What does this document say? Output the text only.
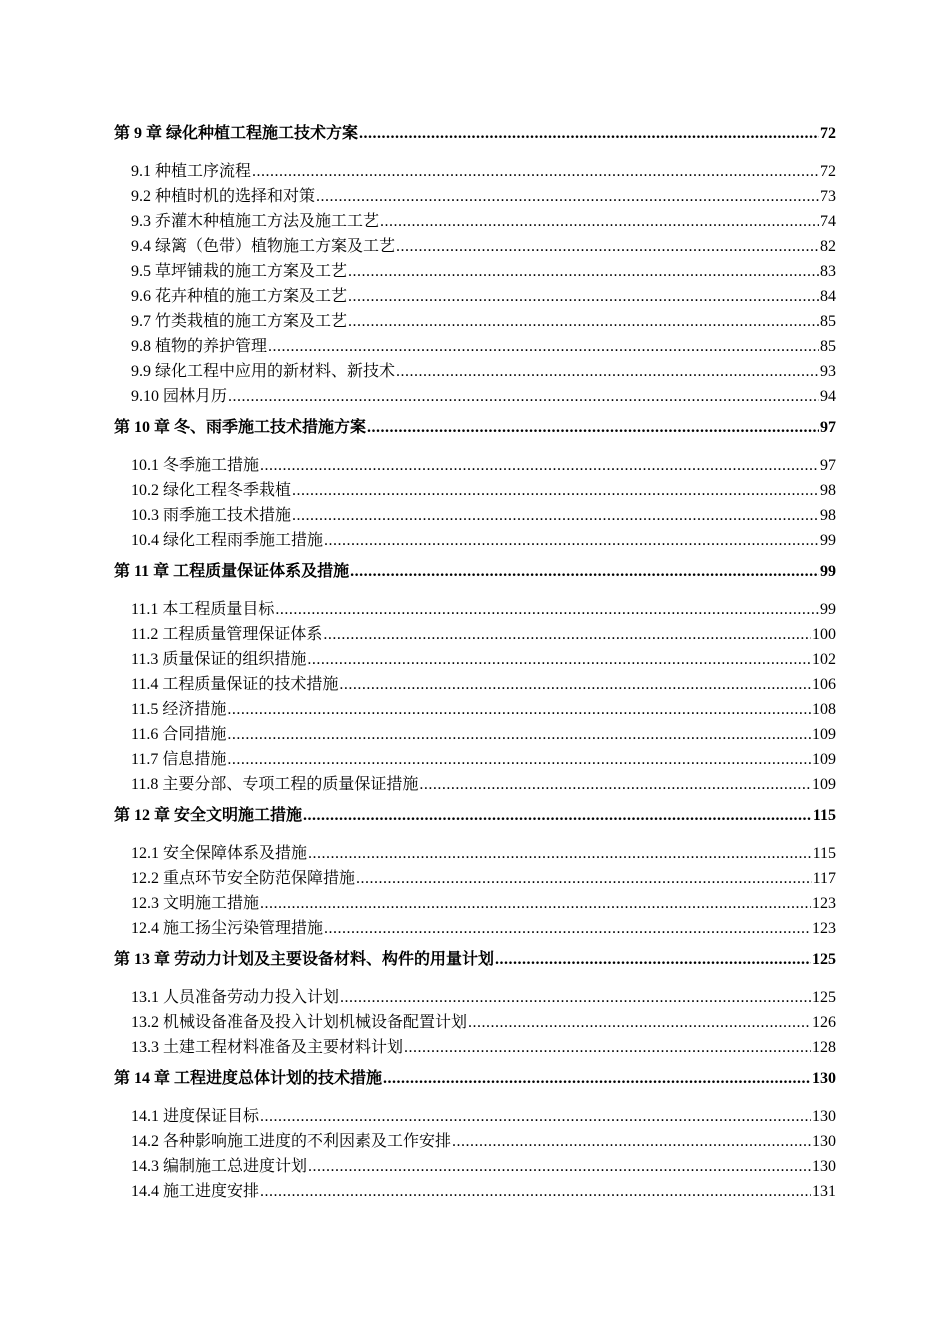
第 9 章 绿化种植工程施工技术方案 .....	72
9.1 种植工序流程 .....	72
9.2 种植时机的选择和对策 .....	73
9.3 乔灌木种植施工方法及施工工艺 .....	74
9.4 绿篱（色带）植物施工方案及工艺 .....	82
9.5 草坪铺栽的施工方案及工艺 .....	83
9.6 花卉种植的施工方案及工艺 .....	84
9.7 竹类栽植的施工方案及工艺 .....	85
9.8 植物的养护管理 .....	85
9.9 绿化工程中应用的新材料、新技术 .....	93
9.10 园林月历 .....	94
第 10 章 冬、雨季施工技术措施方案 .....	97
10.1 冬季施工措施 .....	97
10.2 绿化工程冬季栽植 .....	98
10.3 雨季施工技术措施 .....	98
10.4 绿化工程雨季施工措施 .....	99
第 11 章 工程质量保证体系及措施 .....	99
11.1 本工程质量目标 .....	99
11.2 工程质量管理保证体系 .....	100
11.3 质量保证的组织措施 .....	102
11.4 工程质量保证的技术措施 .....	106
11.5 经济措施 .....	108
11.6 合同措施 .....	109
11.7 信息措施 .....	109
11.8 主要分部、专项工程的质量保证措施 .....	109
第 12 章 安全文明施工措施 .....	115
12.1 安全保障体系及措施 .....	115
12.2 重点环节安全防范保障措施 .....	117
12.3 文明施工措施 .....	123
12.4 施工扬尘污染管理措施 .....	123
第 13 章 劳动力计划及主要设备材料、构件的用量计划 .....	125
13.1 人员准备劳动力投入计划 .....	125
13.2 机械设备准备及投入计划机械设备配置计划 .....	126
13.3 土建工程材料准备及主要材料计划 .....	128
第 14 章 工程进度总体计划的技术措施 .....	130
14.1 进度保证目标 .....	130
14.2 各种影响施工进度的不利因素及工作安排 .....	130
14.3 编制施工总进度计划 .....	130
14.4 施工进度安排 .....	131
